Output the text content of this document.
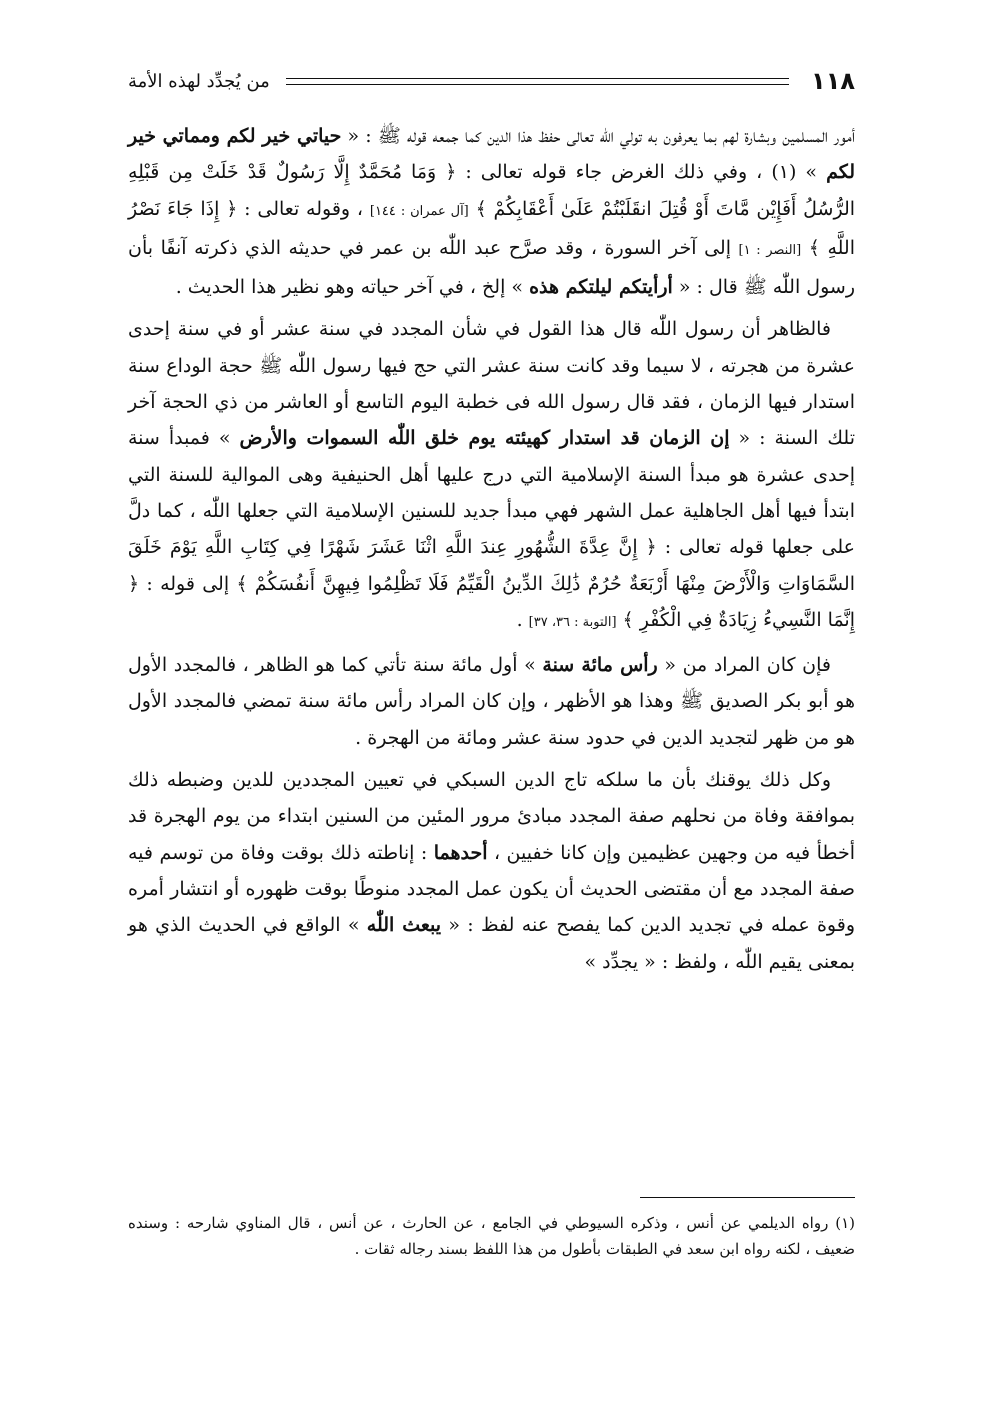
١١٨
من يُجدِّد لهذه الأمة

أمور المسلمين وبشارة لهم بما يعرفون به تولي اللّٰه تعالى حفظ هذا الدين كما جمعه قوله ﷺ : « حياتي خير لكم ومماتي خير لكم » (١) ، وفي ذلك الغرض جاء قوله تعالى : ﴿ وَمَا مُحَمَّدٌ إِلَّا رَسُولٌ قَدْ خَلَتْ مِن قَبْلِهِ الرُّسُلُ أَفَإِيْن مَّاتَ أَوْ قُتِلَ انقَلَبْتُمْ عَلَىٰ أَعْقَابِكُمْ ﴾ [آل عمران : ١٤٤] ، وقوله تعالى : ﴿ إِذَا جَاءَ نَصْرُ اللَّهِ ﴾ [النصر : ١] إلى آخر السورة ، وقد صرَّح عبد اللّٰه بن عمر في حديثه الذي ذكرته آنفًا بأن رسول اللّٰه ﷺ قال : « أرأيتكم ليلتكم هذه » إلخ ، في آخر حياته وهو نظير هذا الحديث .

فالظاهر أن رسول اللّٰه قال هذا القول في شأن المجدد في سنة عشر أو في سنة إحدى عشرة من هجرته ، لا سيما وقد كانت سنة عشر التي حج فيها رسول اللّٰه ﷺ حجة الوداع سنة استدار فيها الزمان ، فقد قال رسول الله فى خطبة اليوم التاسع أو العاشر من ذي الحجة آخر تلك السنة : « إن الزمان قد استدار كهيئته يوم خلق اللّٰه السموات والأرض » فمبدأ سنة إحدى عشرة هو مبدأ السنة الإسلامية التي درج عليها أهل الحنيفية وهى الموالية للسنة التي ابتدأ فيها أهل الجاهلية عمل الشهر فهي مبدأ جديد للسنين الإسلامية التي جعلها اللّٰه ، كما دلَّ على جعلها قوله تعالى : ﴿ إِنَّ عِدَّةَ الشُّهُورِ عِندَ اللَّهِ اثْنَا عَشَرَ شَهْرًا فِي كِتَابِ اللَّهِ يَوْمَ خَلَقَ السَّمَاوَاتِ وَالْأَرْضَ مِنْهَا أَرْبَعَةٌ حُرُمٌ ذَٰلِكَ الدِّينُ الْقَيِّمُ فَلَا تَظْلِمُوا فِيهِنَّ أَنفُسَكُمْ ﴾ إلى قوله : ﴿ إِنَّمَا النَّسِيءُ زِيَادَةٌ فِي الْكُفْرِ ﴾ [التوبة : ٣٦، ٣٧] .

فإن كان المراد من « رأس مائة سنة » أول مائة سنة تأتي كما هو الظاهر ، فالمجدد الأول هو أبو بكر الصديق ﷺ وهذا هو الأظهر ، وإن كان المراد رأس مائة سنة تمضي فالمجدد الأول هو من ظهر لتجديد الدين في حدود سنة عشر ومائة من الهجرة .

وكل ذلك يوقنك بأن ما سلكه تاج الدين السبكي في تعيين المجددين للدين وضبطه ذلك بموافقة وفاة من نحلهم صفة المجدد مبادئ مرور المئين من السنين ابتداء من يوم الهجرة قد أخطأ فيه من وجهين عظيمين وإن كانا خفيين ، أحدهما : إناطته ذلك بوقت وفاة من توسم فيه صفة المجدد مع أن مقتضى الحديث أن يكون عمل المجدد منوطًا بوقت ظهوره أو انتشار أمره وقوة عمله في تجديد الدين كما يفصح عنه لفظ : « يبعث اللّٰه » الواقع في الحديث الذي هو بمعنى يقيم اللّٰه ، ولفظ : « يجدِّد »

(١) رواه الديلمي عن أنس ، وذكره السيوطي في الجامع ، عن الحارث ، عن أنس ، قال المناوي شارحه : وسنده ضعيف ، لكنه رواه ابن سعد في الطبقات بأطول من هذا اللفظ بسند رجاله ثقات .
